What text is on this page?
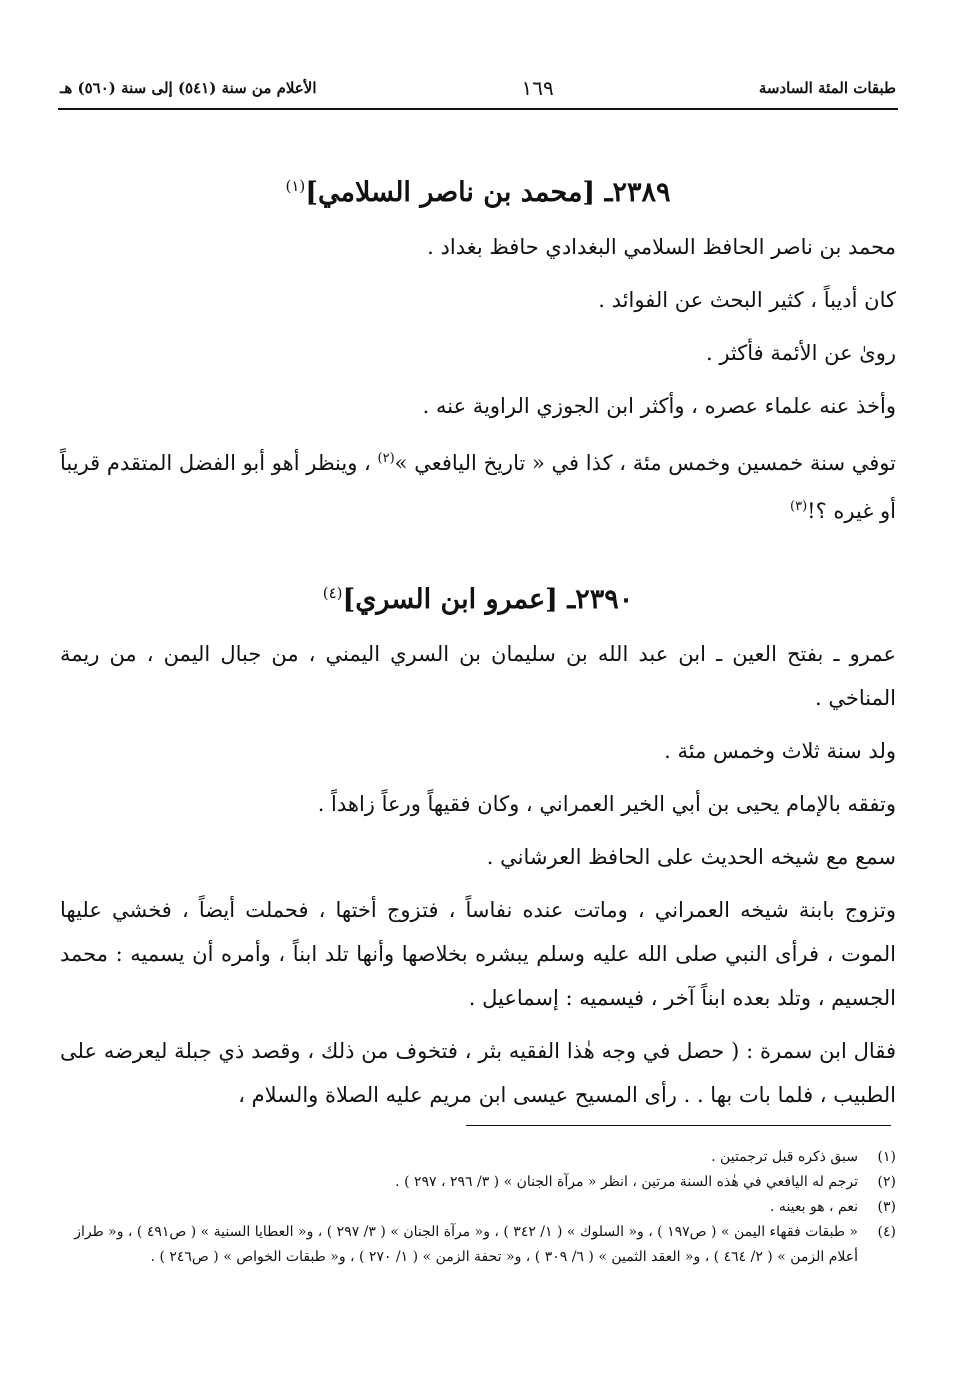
طبقات المئة السادسة
١٦٩
الأعلام من سنة (٥٤١) إلى سنة (٥٦٠) هـ
٢٣٨٩ـ [محمد بن ناصر السلامي]$^{(١)}$

محمد بن ناصر الحافظ السلامي البغدادي حافظ بغداد .

كان أديباً ، كثير البحث عن الفوائد .

رویٰ عن الأئمة فأكثر .

وأخذ عنه علماء عصره ، وأكثر ابن الجوزي الراوية عنه .

توفي سنة خمسين وخمس مئة ، كذا في « تاريخ اليافعي »$^{(٢)}$ ، وينظر أهو أبو الفضل المتقدم قريباً أو غيره ؟!$^{(٣)}$

٢٣٩٠ـ [عمرو ابن السري]$^{(٤)}$

عمرو ـ بفتح العين ـ ابن عبد الله بن سليمان بن السري اليمني ، من جبال اليمن ، من ريمة المناخي .

ولد سنة ثلاث وخمس مئة .

وتفقه بالإمام يحيى بن أبي الخير العمراني ، وكان فقيهاً ورعاً زاهداً .

سمع مع شيخه الحديث على الحافظ العرشاني .

وتزوج بابنة شيخه العمراني ، وماتت عنده نفاساً ، فتزوج أختها ، فحملت أيضاً ، فخشي عليها الموت ، فرأى النبي صلى الله عليه وسلم يبشره بخلاصها وأنها تلد ابناً ، وأمره أن يسميه : محمد الجسيم ، وتلد بعده ابناً آخر ، فيسميه : إسماعيل .

فقال ابن سمرة : ( حصل في وجه هٰذا الفقيه بثر ، فتخوف من ذلك ، وقصد ذي جبلة ليعرضه على الطبيب ، فلما بات بها . . رأى المسيح عيسى ابن مريم عليه الصلاة والسلام ،

(١)
سبق ذكره قبل ترجمتين .
(٢)
ترجم له اليافعي في هٰذه السنة مرتين ، انظر « مرآة الجنان » ( ٣/ ٢٩٦ ، ٢٩٧ ) .
(٣)
نعم ، هو بعينه .
(٤)
« طبقات فقهاء اليمن » ( ص١٩٧ ) ، و« السلوك » ( ١/ ٣٤٢ ) ، و« مرآة الجنان » ( ٣/ ٢٩٧ ) ، و« العطايا السنية » ( ص٤٩١ ) ، و« طراز أعلام الزمن » ( ٢/ ٤٦٤ ) ، و« العقد الثمين » ( ٦/ ٣٠٩ ) ، و« تحفة الزمن » ( ١/ ٢٧٠ ) ، و« طبقات الخواص » ( ص٢٤٦ ) .
